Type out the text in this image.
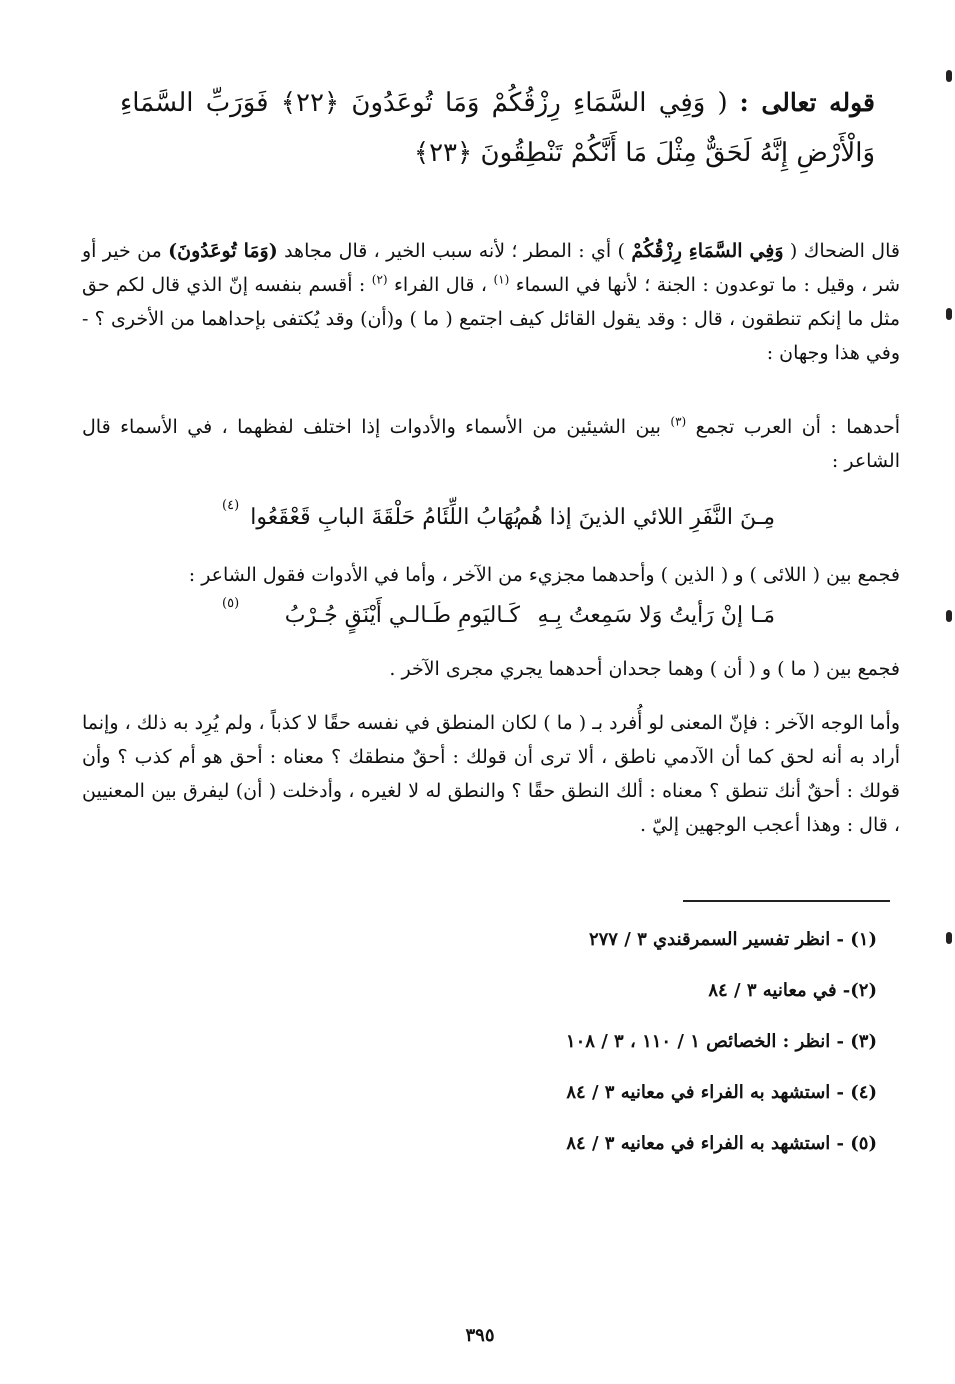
قوله تعالى : ( وَفِي السَّمَاءِ رِزْقُكُمْ وَمَا تُوعَدُونَ ﴿٢٢﴾ فَوَرَبِّ السَّمَاءِ وَالْأَرْضِ إِنَّهُ لَحَقٌّ مِثْلَ مَا أَنَّكُمْ تَنْطِقُونَ ﴿٢٣﴾
قال الضحاك ( وَفِي السَّمَاءِ رِزْقُكُمْ ) أي : المطر ؛ لأنه سبب الخير ، قال مجاهد (وَمَا تُوعَدُونَ) من خير أو شر ، وقيل : ما توعدون : الجنة ؛ لأنها في السماء $^{(١)}$ ، قال الفراء $^{(٢)}$ : أقسم بنفسه إنّ الذي قال لكم حق مثل ما إنكم تنطقون ، قال : وقد يقول القائل كيف اجتمع ( ما ) و(أن) وقد يُكتفى بإحداهما من الأخرى ؟ - وفي هذا وجهان :
أحدهما : أن العرب تجمع $^{(٣)}$ بين الشيئين من الأسماء والأدوات إذا اختلف لفظهما ، في الأسماء قال الشاعر :
مِـنَ النَّفَرِ اللائي الذينَ إذا هُم
يُهَابُ اللِّئَامُ حَلْقَةَ البابِ قَعْقَعُوا
(٤)
فجمع بين ( اللائى ) و ( الذين ) وأحدهما مجزيء من الآخر ، وأما في الأدوات فقول الشاعر :
مَـا إنْ رَأيتُ وَلا سَمِعتُ بِـهِ
كَـاليَومِ طَـالـي أَيْنَقٍ جُـرْبُ
(٥)
فجمع بين ( ما ) و ( أن ) وهما جحدان أحدهما يجري مجرى الآخر .
وأما الوجه الآخر : فإنّ المعنى لو أُفرد بـ ( ما ) لكان المنطق في نفسه حقًا لا كذباً ، ولم يُرِد به ذلك ، وإنما أراد به أنه لحق كما أن الآدمي ناطق ، ألا ترى أن قولك : أحقٌ منطقك ؟ معناه : أحق هو أم كذب ؟ وأن قولك : أحقٌ أنك تنطق ؟ معناه : ألك النطق حقًا ؟ والنطق له لا لغيره ، وأدخلت ( أن) ليفرق بين المعنيين ، قال : وهذا أعجب الوجهين إليّ .
(١) - انظر تفسير السمرقندي ٣ / ٢٧٧
(٢)- في معانيه ٣ / ٨٤
(٣) - انظر : الخصائص ١ / ١١٠ ، ٣ / ١٠٨
(٤) - استشهد به الفراء في معانيه ٣ / ٨٤
(٥) - استشهد به الفراء في معانيه ٣ / ٨٤
٣٩٥
